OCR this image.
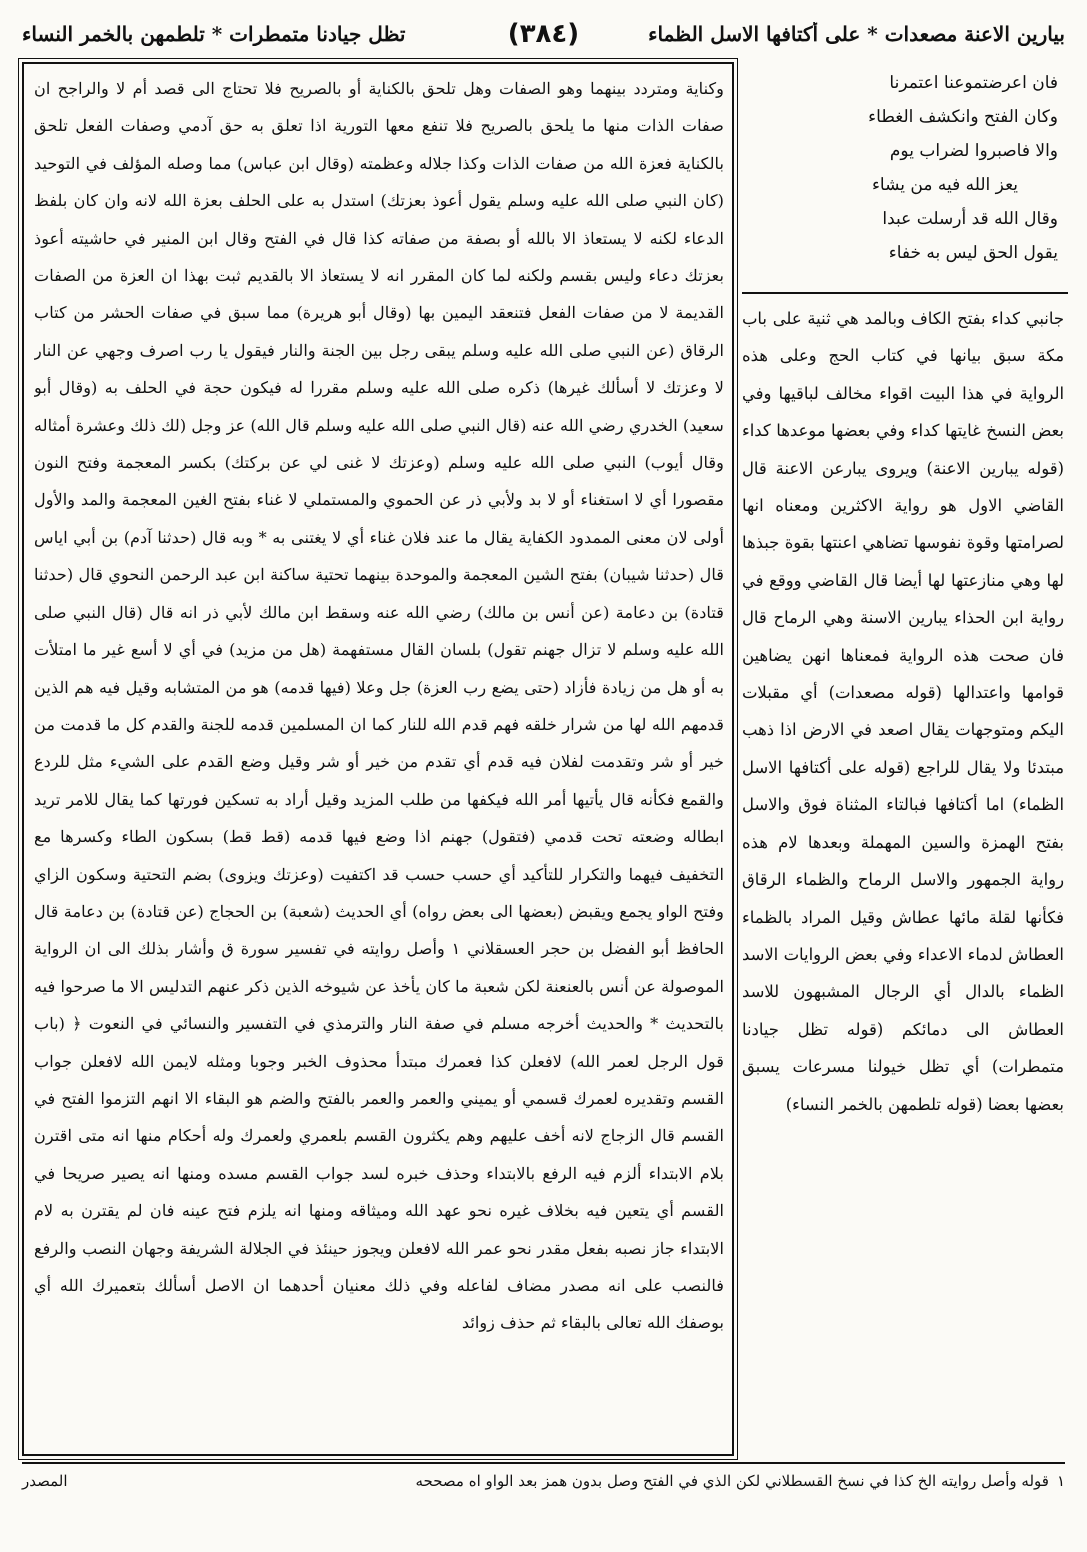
بيارين الاعنة مصعدات * على أكتافها الاسل الظماء
(٣٨٤)
تظل جيادنا متمطرات * تلطمهن بالخمر النساء

وكناية ومتردد بينهما وهو الصفات وهل تلحق بالكناية أو بالصريح فلا تحتاج الى قصد أم لا والراجح ان صفات الذات منها ما يلحق بالصريح فلا تنفع معها التورية اذا تعلق به حق آدمي وصفات الفعل تلحق بالكناية فعزة الله من صفات الذات وكذا جلاله وعظمته (وقال ابن عباس) مما وصله المؤلف في التوحيد (كان النبي صلى الله عليه وسلم يقول أعوذ بعزتك) استدل به على الحلف بعزة الله لانه وان كان بلفظ الدعاء لكنه لا يستعاذ الا بالله أو بصفة من صفاته كذا قال في الفتح وقال ابن المنير في حاشيته أعوذ بعزتك دعاء وليس بقسم ولكنه لما كان المقرر انه لا يستعاذ الا بالقديم ثبت بهذا ان العزة من الصفات القديمة لا من صفات الفعل فتنعقد اليمين بها (وقال أبو هريرة) مما سبق في صفات الحشر من كتاب الرقاق (عن النبي صلى الله عليه وسلم يبقى رجل بين الجنة والنار فيقول يا رب اصرف وجهي عن النار لا وعزتك لا أسألك غيرها) ذكره صلى الله عليه وسلم مقررا له فيكون حجة في الحلف به (وقال أبو سعيد) الخدري رضي الله عنه (قال النبي صلى الله عليه وسلم قال الله) عز وجل (لك ذلك وعشرة أمثاله وقال أيوب) النبي صلى الله عليه وسلم (وعزتك لا غنى لي عن بركتك) بكسر المعجمة وفتح النون مقصورا أي لا استغناء أو لا بد ولأبي ذر عن الحموي والمستملي لا غناء بفتح الغين المعجمة والمد والأول أولى لان معنى الممدود الكفاية يقال ما عند فلان غناء أي لا يغتنى به * وبه قال (حدثنا آدم) بن أبي اياس قال (حدثنا شيبان) بفتح الشين المعجمة والموحدة بينهما تحتية ساكنة ابن عبد الرحمن النحوي قال (حدثنا قتادة) بن دعامة (عن أنس بن مالك) رضي الله عنه وسقط ابن مالك لأبي ذر انه قال (قال النبي صلى الله عليه وسلم لا تزال جهنم تقول) بلسان القال مستفهمة (هل من مزيد) في أي لا أسع غير ما امتلأت به أو هل من زيادة فأزاد (حتى يضع رب العزة) جل وعلا (فيها قدمه) هو من المتشابه وقيل فيه هم الذين قدمهم الله لها من شرار خلقه فهم قدم الله للنار كما ان المسلمين قدمه للجنة والقدم كل ما قدمت من خير أو شر وتقدمت لفلان فيه قدم أي تقدم من خير أو شر وقيل وضع القدم على الشيء مثل للردع والقمع فكأنه قال يأتيها أمر الله فيكفها من طلب المزيد وقيل أراد به تسكين فورتها كما يقال للامر تريد ابطاله وضعته تحت قدمي (فتقول) جهنم اذا وضع فيها قدمه (قط قط) بسكون الطاء وكسرها مع التخفيف فيهما والتكرار للتأكيد أي حسب حسب قد اكتفيت (وعزتك ويزوى) بضم التحتية وسكون الزاي وفتح الواو يجمع ويقبض (بعضها الى بعض رواه) أي الحديث (شعبة) بن الحجاج (عن قتادة) بن دعامة قال الحافظ أبو الفضل بن حجر العسقلاني ١ وأصل روايته في تفسير سورة ق وأشار بذلك الى ان الرواية الموصولة عن أنس بالعنعنة لكن شعبة ما كان يأخذ عن شيوخه الذين ذكر عنهم التدليس الا ما صرحوا فيه بالتحديث * والحديث أخرجه مسلم في صفة النار والترمذي في التفسير والنسائي في النعوت ﴿ (باب قول الرجل لعمر الله) لافعلن كذا فعمرك مبتدأ محذوف الخبر وجوبا ومثله لايمن الله لافعلن جواب القسم وتقديره لعمرك قسمي أو يميني والعمر والعمر بالفتح والضم هو البقاء الا انهم التزموا الفتح في القسم قال الزجاج لانه أخف عليهم وهم يكثرون القسم بلعمري ولعمرك وله أحكام منها انه متى اقترن بلام الابتداء ألزم فيه الرفع بالابتداء وحذف خبره لسد جواب القسم مسده ومنها انه يصير صريحا في القسم أي يتعين فيه بخلاف غيره نحو عهد الله وميثاقه ومنها انه يلزم فتح عينه فان لم يقترن به لام الابتداء جاز نصبه بفعل مقدر نحو عمر الله لافعلن ويجوز حينئذ في الجلالة الشريفة وجهان النصب والرفع فالنصب على انه مصدر مضاف لفاعله وفي ذلك معنيان أحدهما ان الاصل أسألك بتعميرك الله أي بوصفك الله تعالى بالبقاء ثم حذف زوائد

فان اعرضتموعنا اعتمرنا
وكان الفتح وانكشف الغطاء
والا فاصبروا لضراب يوم
يعز الله فيه من يشاء
وقال الله قد أرسلت عبدا
يقول الحق ليس به خفاء
جانبي كداء بفتح الكاف وبالمد هي ثنية على باب مكة سبق بيانها في كتاب الحج وعلى هذه الرواية في هذا البيت اقواء مخالف لباقيها وفي بعض النسخ غايتها كداء وفي بعضها موعدها كداء (قوله يبارين الاعنة) ويروى يبارعن الاعنة قال القاضي الاول هو رواية الاكثرين ومعناه انها لصرامتها وقوة نفوسها تضاهي اعنتها بقوة جبذها لها وهي منازعتها لها أيضا قال القاضي ووقع في رواية ابن الحذاء يبارين الاسنة وهي الرماح قال فان صحت هذه الرواية فمعناها انهن يضاهين قوامها واعتدالها (قوله مصعدات) أي مقبلات اليكم ومتوجهات يقال اصعد في الارض اذا ذهب مبتدئا ولا يقال للراجع (قوله على أكتافها الاسل الظماء) اما أكتافها فبالتاء المثناة فوق والاسل بفتح الهمزة والسين المهملة وبعدها لام هذه رواية الجمهور والاسل الرماح والظماء الرقاق فكأنها لقلة مائها عطاش وقيل المراد بالظماء العطاش لدماء الاعداء وفي بعض الروايات الاسد الظماء بالدال أي الرجال المشبهون للاسد العطاش الى دمائكم (قوله تظل جيادنا متمطرات) أي تظل خيولنا مسرعات يسبق بعضها بعضا (قوله تلطمهن بالخمر النساء)
١
قوله وأصل روايته الخ كذا في نسخ القسطلاني لكن الذي في الفتح وصل بدون همز بعد الواو اه مصححه
المصدر
